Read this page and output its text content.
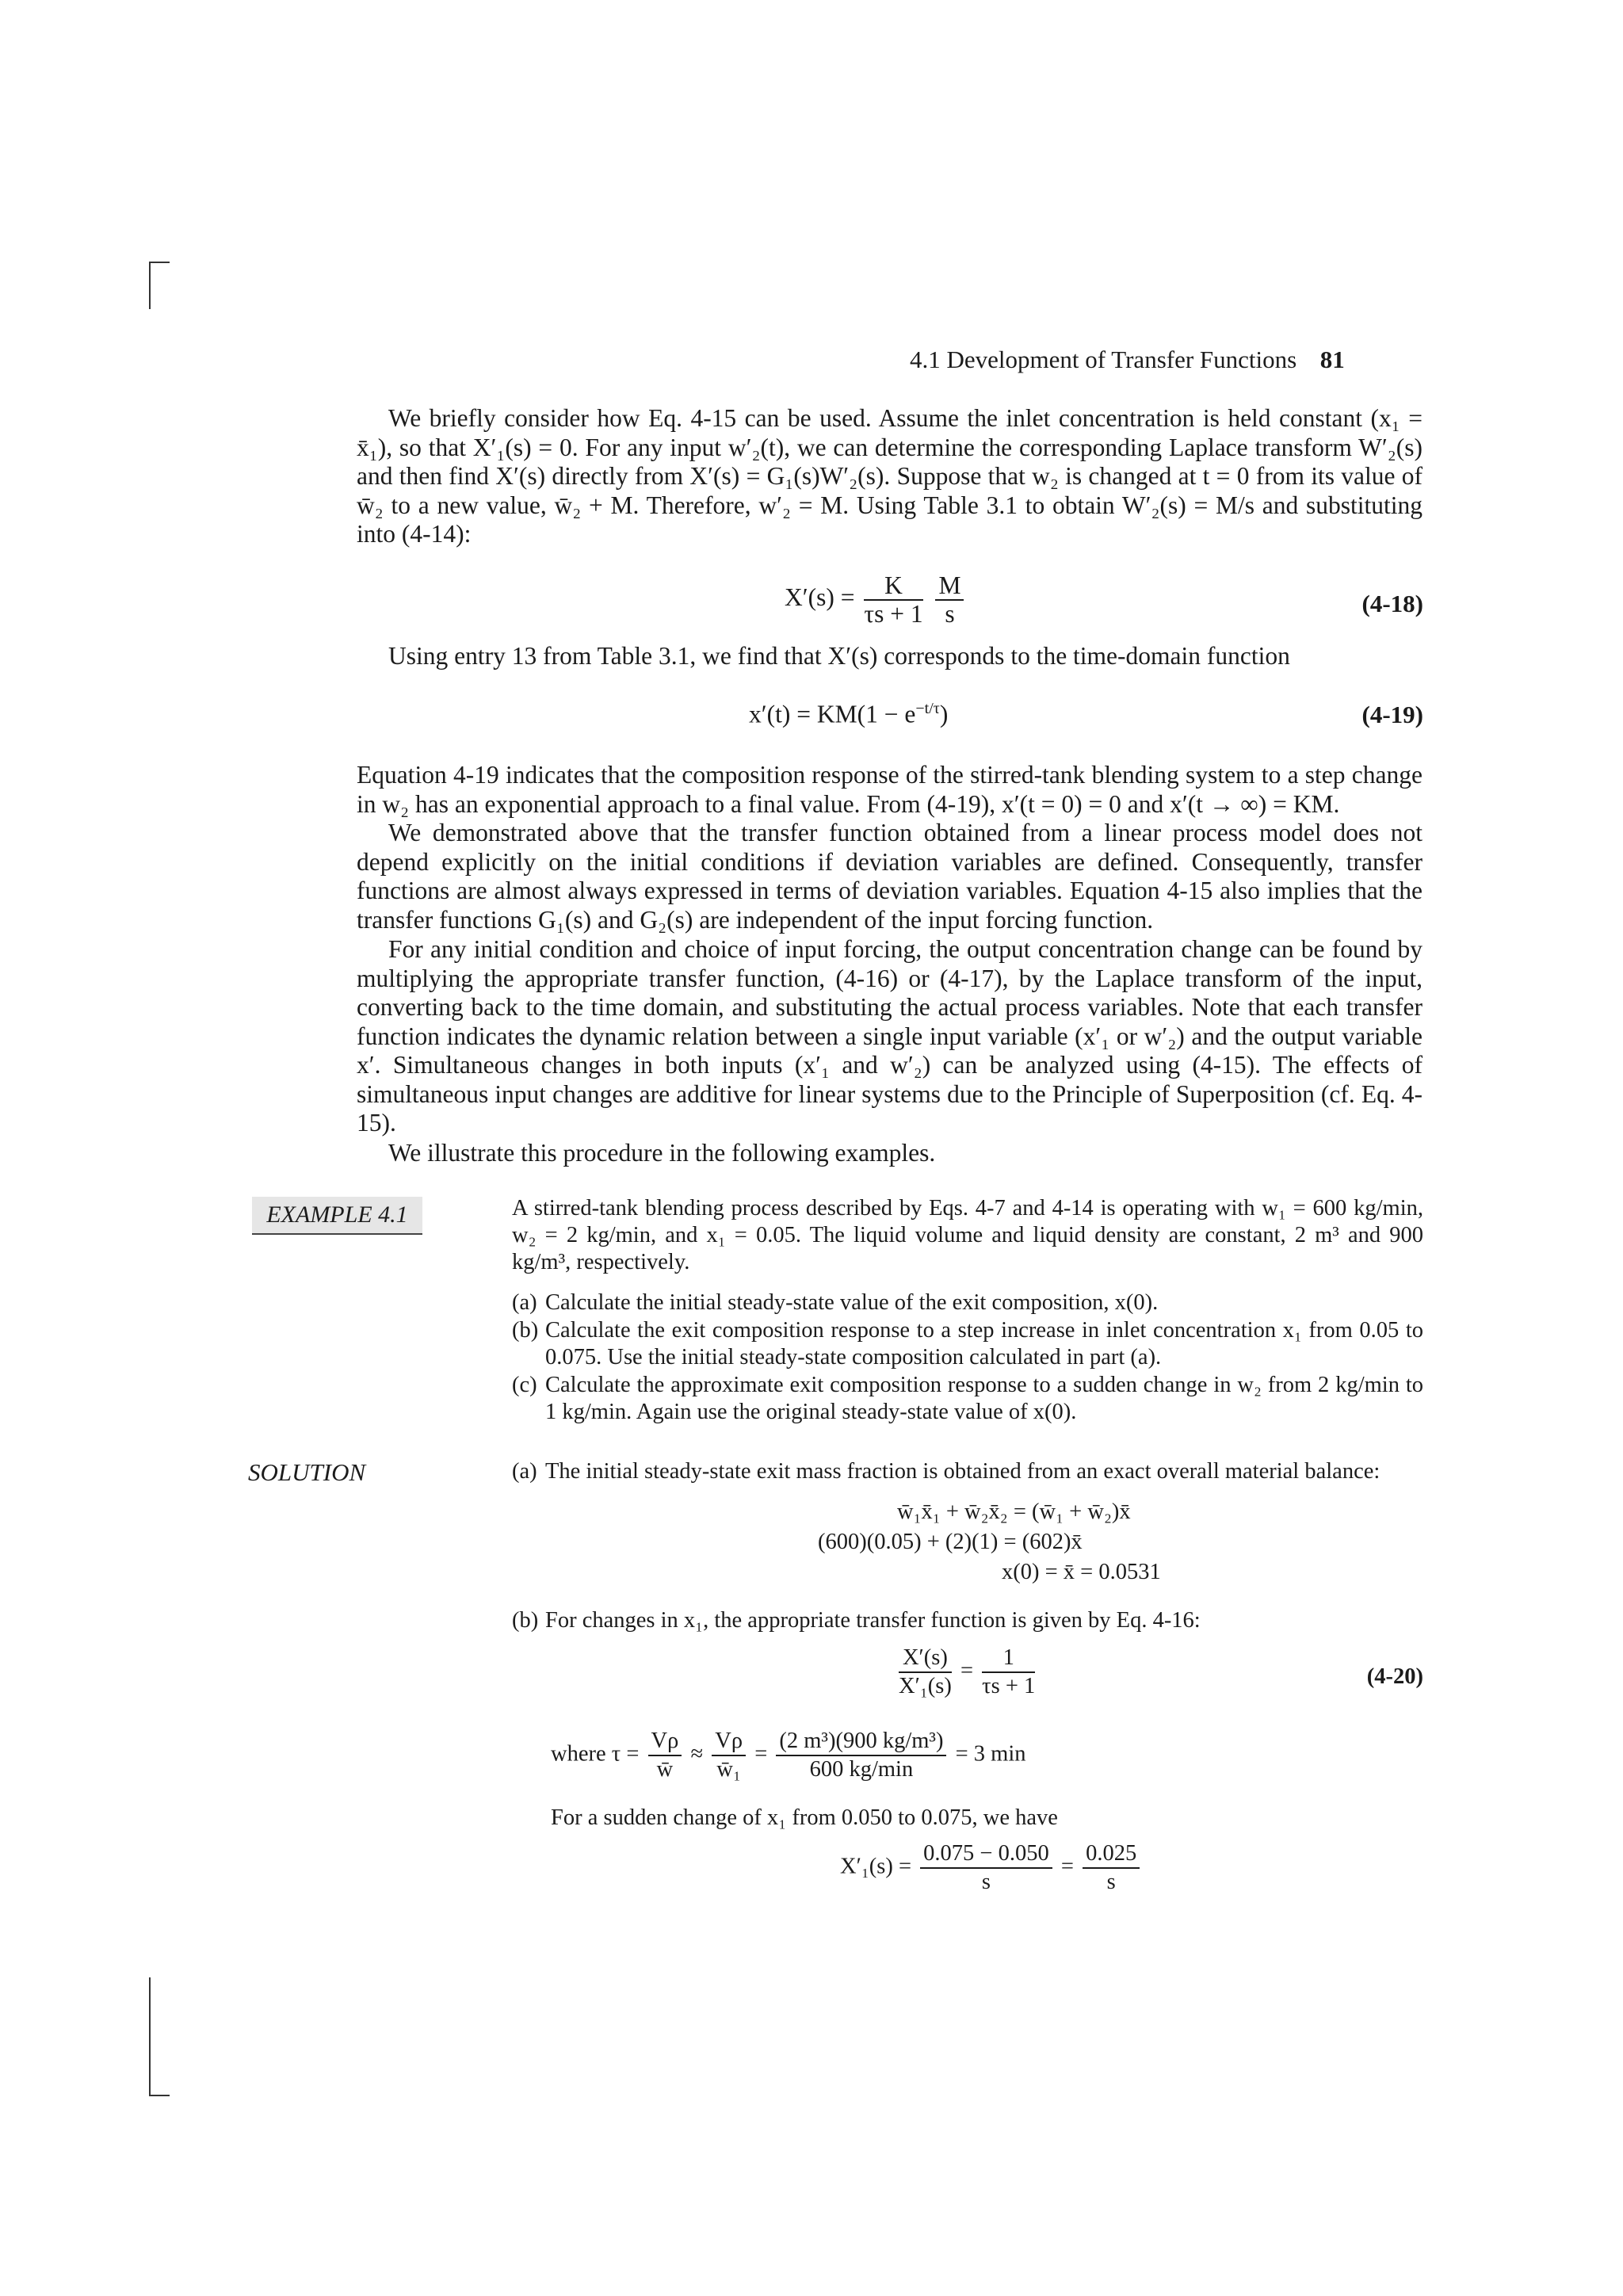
4.1 Development of Transfer Functions 81
We briefly consider how Eq. 4-15 can be used. Assume the inlet concentration is held constant (x₁ = x̄₁), so that X′₁(s) = 0. For any input w′₂(t), we can determine the corresponding Laplace transform W′₂(s) and then find X′(s) directly from X′(s) = G₁(s)W′₂(s). Suppose that w₂ is changed at t = 0 from its value of w̄₂ to a new value, w̄₂ + M. Therefore, w′₂ = M. Using Table 3.1 to obtain W′₂(s) = M/s and substituting into (4-14):
$X'(s) = \frac{K}{\tau s + 1}$
$\frac{M}{s}$	(4-18)
Using entry 13 from Table 3.1, we find that X′(s) corresponds to the time-domain function
$x'(t) = KM(1 - e^{-t/\tau})$	(4-19)
Equation 4-19 indicates that the composition response of the stirred-tank blending system to a step change in w₂ has an exponential approach to a final value. From (4-19), x′(t = 0) = 0 and x′(t → ∞) = KM.
We demonstrated above that the transfer function obtained from a linear process model does not depend explicitly on the initial conditions if deviation variables are defined. Consequently, transfer functions are almost always expressed in terms of deviation variables. Equation 4-15 also implies that the transfer functions G₁(s) and G₂(s) are independent of the input forcing function.
For any initial condition and choice of input forcing, the output concentration change can be found by multiplying the appropriate transfer function, (4-16) or (4-17), by the Laplace transform of the input, converting back to the time domain, and substituting the actual process variables. Note that each transfer function indicates the dynamic relation between a single input variable (x′₁ or w′₂) and the output variable x′. Simultaneous changes in both inputs (x′₁ and w′₂) can be analyzed using (4-15). The effects of simultaneous input changes are additive for linear systems due to the Principle of Superposition (cf. Eq. 4-15).
We illustrate this procedure in the following examples.
EXAMPLE 4.1	A stirred-tank blending process described by Eqs. 4-7 and 4-14 is operating with w₁ = 600 kg/min, w₂ = 2 kg/min, and x₁ = 0.05. The liquid volume and liquid density are constant, 2 m³ and 900 kg/m³, respectively.
(a) Calculate the initial steady-state value of the exit composition, x(0).
(b) Calculate the exit composition response to a step increase in inlet concentration x₁ from 0.05 to 0.075. Use the initial steady-state composition calculated in part (a).
(c) Calculate the approximate exit composition response to a sudden change in w₂ from 2 kg/min to 1 kg/min. Again use the original steady-state value of x(0).
SOLUTION	(a) The initial steady-state exit mass fraction is obtained from an exact overall material balance:
w̄₁x̄₁ + w̄₂x̄₂ = (w̄₁ + w̄₂)x̄
(600)(0.05) + (2)(1) = (602)x̄
x(0) = x̄ = 0.0531
(b) For changes in x₁, the appropriate transfer function is given by Eq. 4-16:
$\frac{X'(s)}{\text{X′₁(s)}} = \frac{1}{\tau s + 1}$	(4-20)
where $\tau = \frac{V\rho}{w̄} \approx \frac{V\rho}{\text{w̄₁}} = \frac{\text{(2 m³)(900 kg/m³)}}{600 kg/\min} = 3$ min
For a sudden change of x₁ from 0.050 to 0.075, we have
$X'_1(s) = \frac{0.075 - 0.050}{s} = \frac{0.025}{s}$
